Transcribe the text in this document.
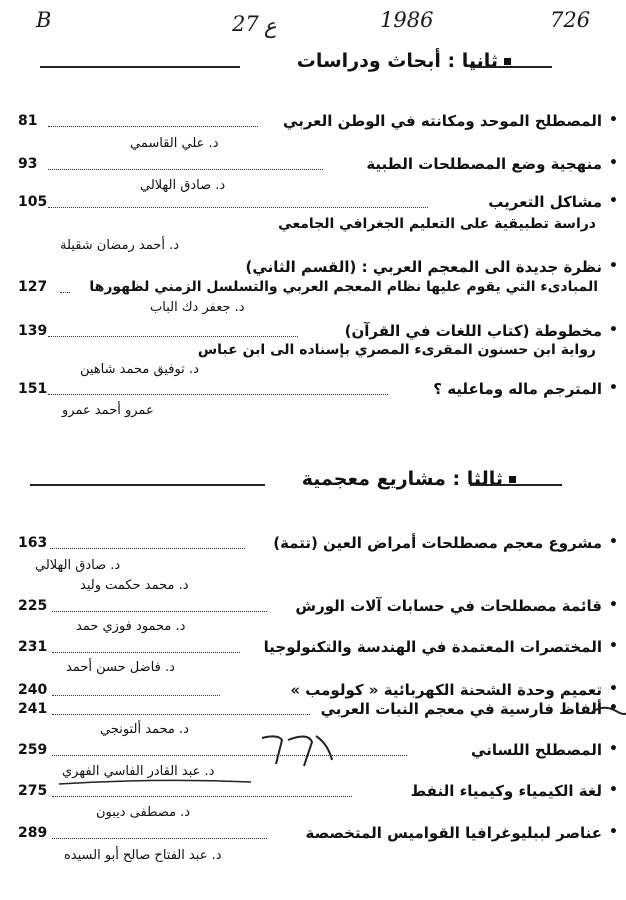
B	27 ع	1986	726
ثانيا : أبحاث ودراسات
•
المصطلح الموحد ومكانته في الوطن العربي
81
د. علي القاسمي
•
منهجية وضع المصطلحات الطبية
93
د. صادق الهلالي
•
مشاكل التعريب
105
دراسة تطبيقية على التعليم الجغرافي الجامعي
د. أحمد رمضان شقيلة
•
نظرة جديدة الى المعجم العربي : (القسم الثاني)
127	المبادىء التي يقوم عليها نظام المعجم العربي والتسلسل الزمني لظهورها
د. جعفر دك الباب
•
مخطوطة (كتاب اللغات في القرآن)
139
رواية ابن حسنون المقرىء المصري بإسناده الى ابن عباس
د. توفيق محمد شاهين
•
المترجم ماله وماعليه ؟
151
عمرو أحمد عمرو
ثالثا : مشاريع معجمية
•
مشروع معجم مصطلحات أمراض العين (تتمة)
163
د. صادق الهلالي
د. محمد حكمت وليد
•
قائمة مصطلحات في حسابات آلات الورش
225
د. محمود فوزي حمد
•
المختصرات المعتمدة في الهندسة والتكنولوجيا
231
د. فاضل حسن أحمد
•
تعميم وحدة الشحنة الكهربائية « كولومب »
240
•
ألفاظ فارسية في معجم النبات العربي
241
د. محمد ألتونجي
•
المصطلح اللساني
259
د. عبد القادر الفاسي الفهري
•
لغة الكيمياء وكيمياء النفط
275
د. مصطفى ديبون
•
عناصر لببليوغرافيا القواميس المتخصصة
289
د. عبد الفتاح صالح أبو السيده
